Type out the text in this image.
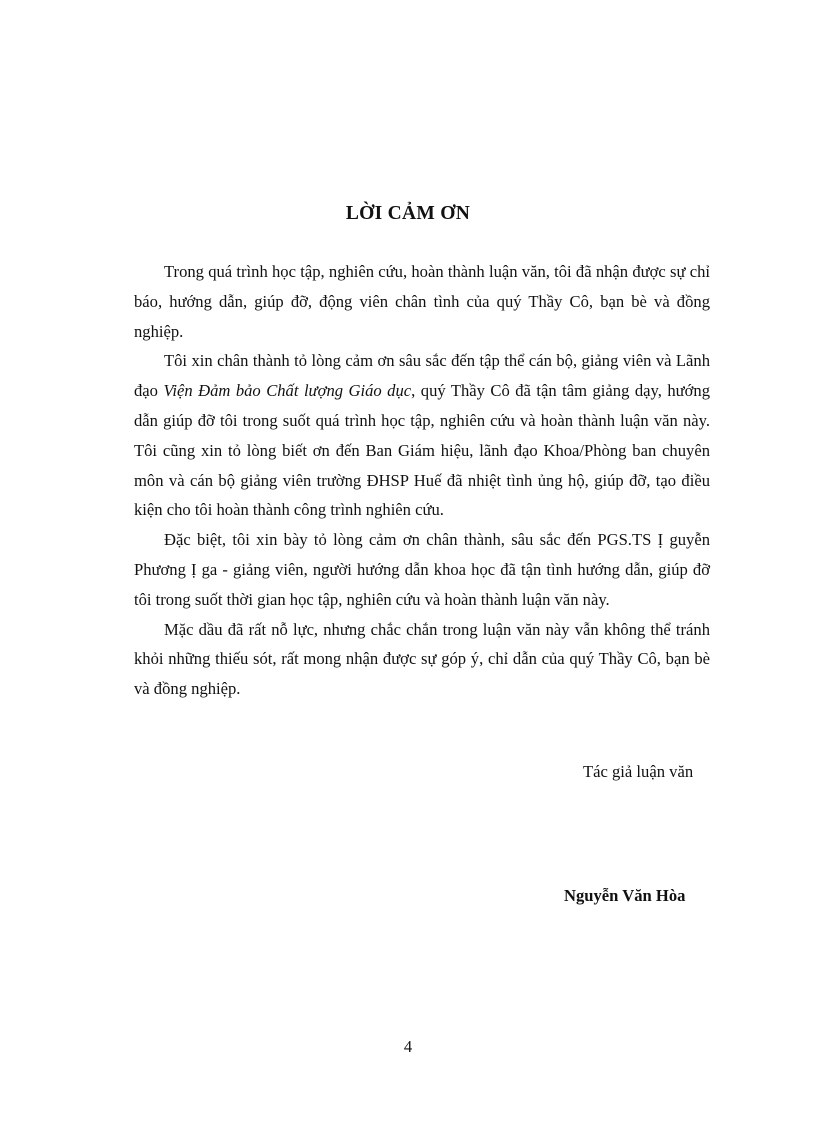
LỜI CẢM ƠN

Trong quá trình học tập, nghiên cứu, hoàn thành luận văn, tôi đã nhận được sự chỉ báo, hướng dẫn, giúp đỡ, động viên chân tình của quý Thầy Cô, bạn bè và đồng nghiệp.

Tôi xin chân thành tỏ lòng cảm ơn sâu sắc đến tập thể cán bộ, giảng viên và Lãnh đạo Viện Đảm bảo Chất lượng Giáo dục, quý Thầy Cô đã tận tâm giảng dạy, hướng dẫn giúp đỡ tôi trong suốt quá trình học tập, nghiên cứu và hoàn thành luận văn này. Tôi cũng xin tỏ lòng biết ơn đến Ban Giám hiệu, lãnh đạo Khoa/Phòng ban chuyên môn và cán bộ giảng viên trường ĐHSP Huế đã nhiệt tình ủng hộ, giúp đỡ, tạo điều kiện cho tôi hoàn thành công trình nghiên cứu.

Đặc biệt, tôi xin bày tỏ lòng cảm ơn chân thành, sâu sắc đến PGS.TS Ị guyễn Phương Ị ga - giảng viên, người hướng dẫn khoa học đã tận tình hướng dẫn, giúp đỡ tôi trong suốt thời gian học tập, nghiên cứu và hoàn thành luận văn này.

Mặc dầu đã rất nỗ lực, nhưng chắc chắn trong luận văn này vẫn không thể tránh khỏi những thiếu sót, rất mong nhận được sự góp ý, chỉ dẫn của quý Thầy Cô, bạn bè và đồng nghiệp.

Tác giả luận văn

Nguyễn Văn Hòa

4
